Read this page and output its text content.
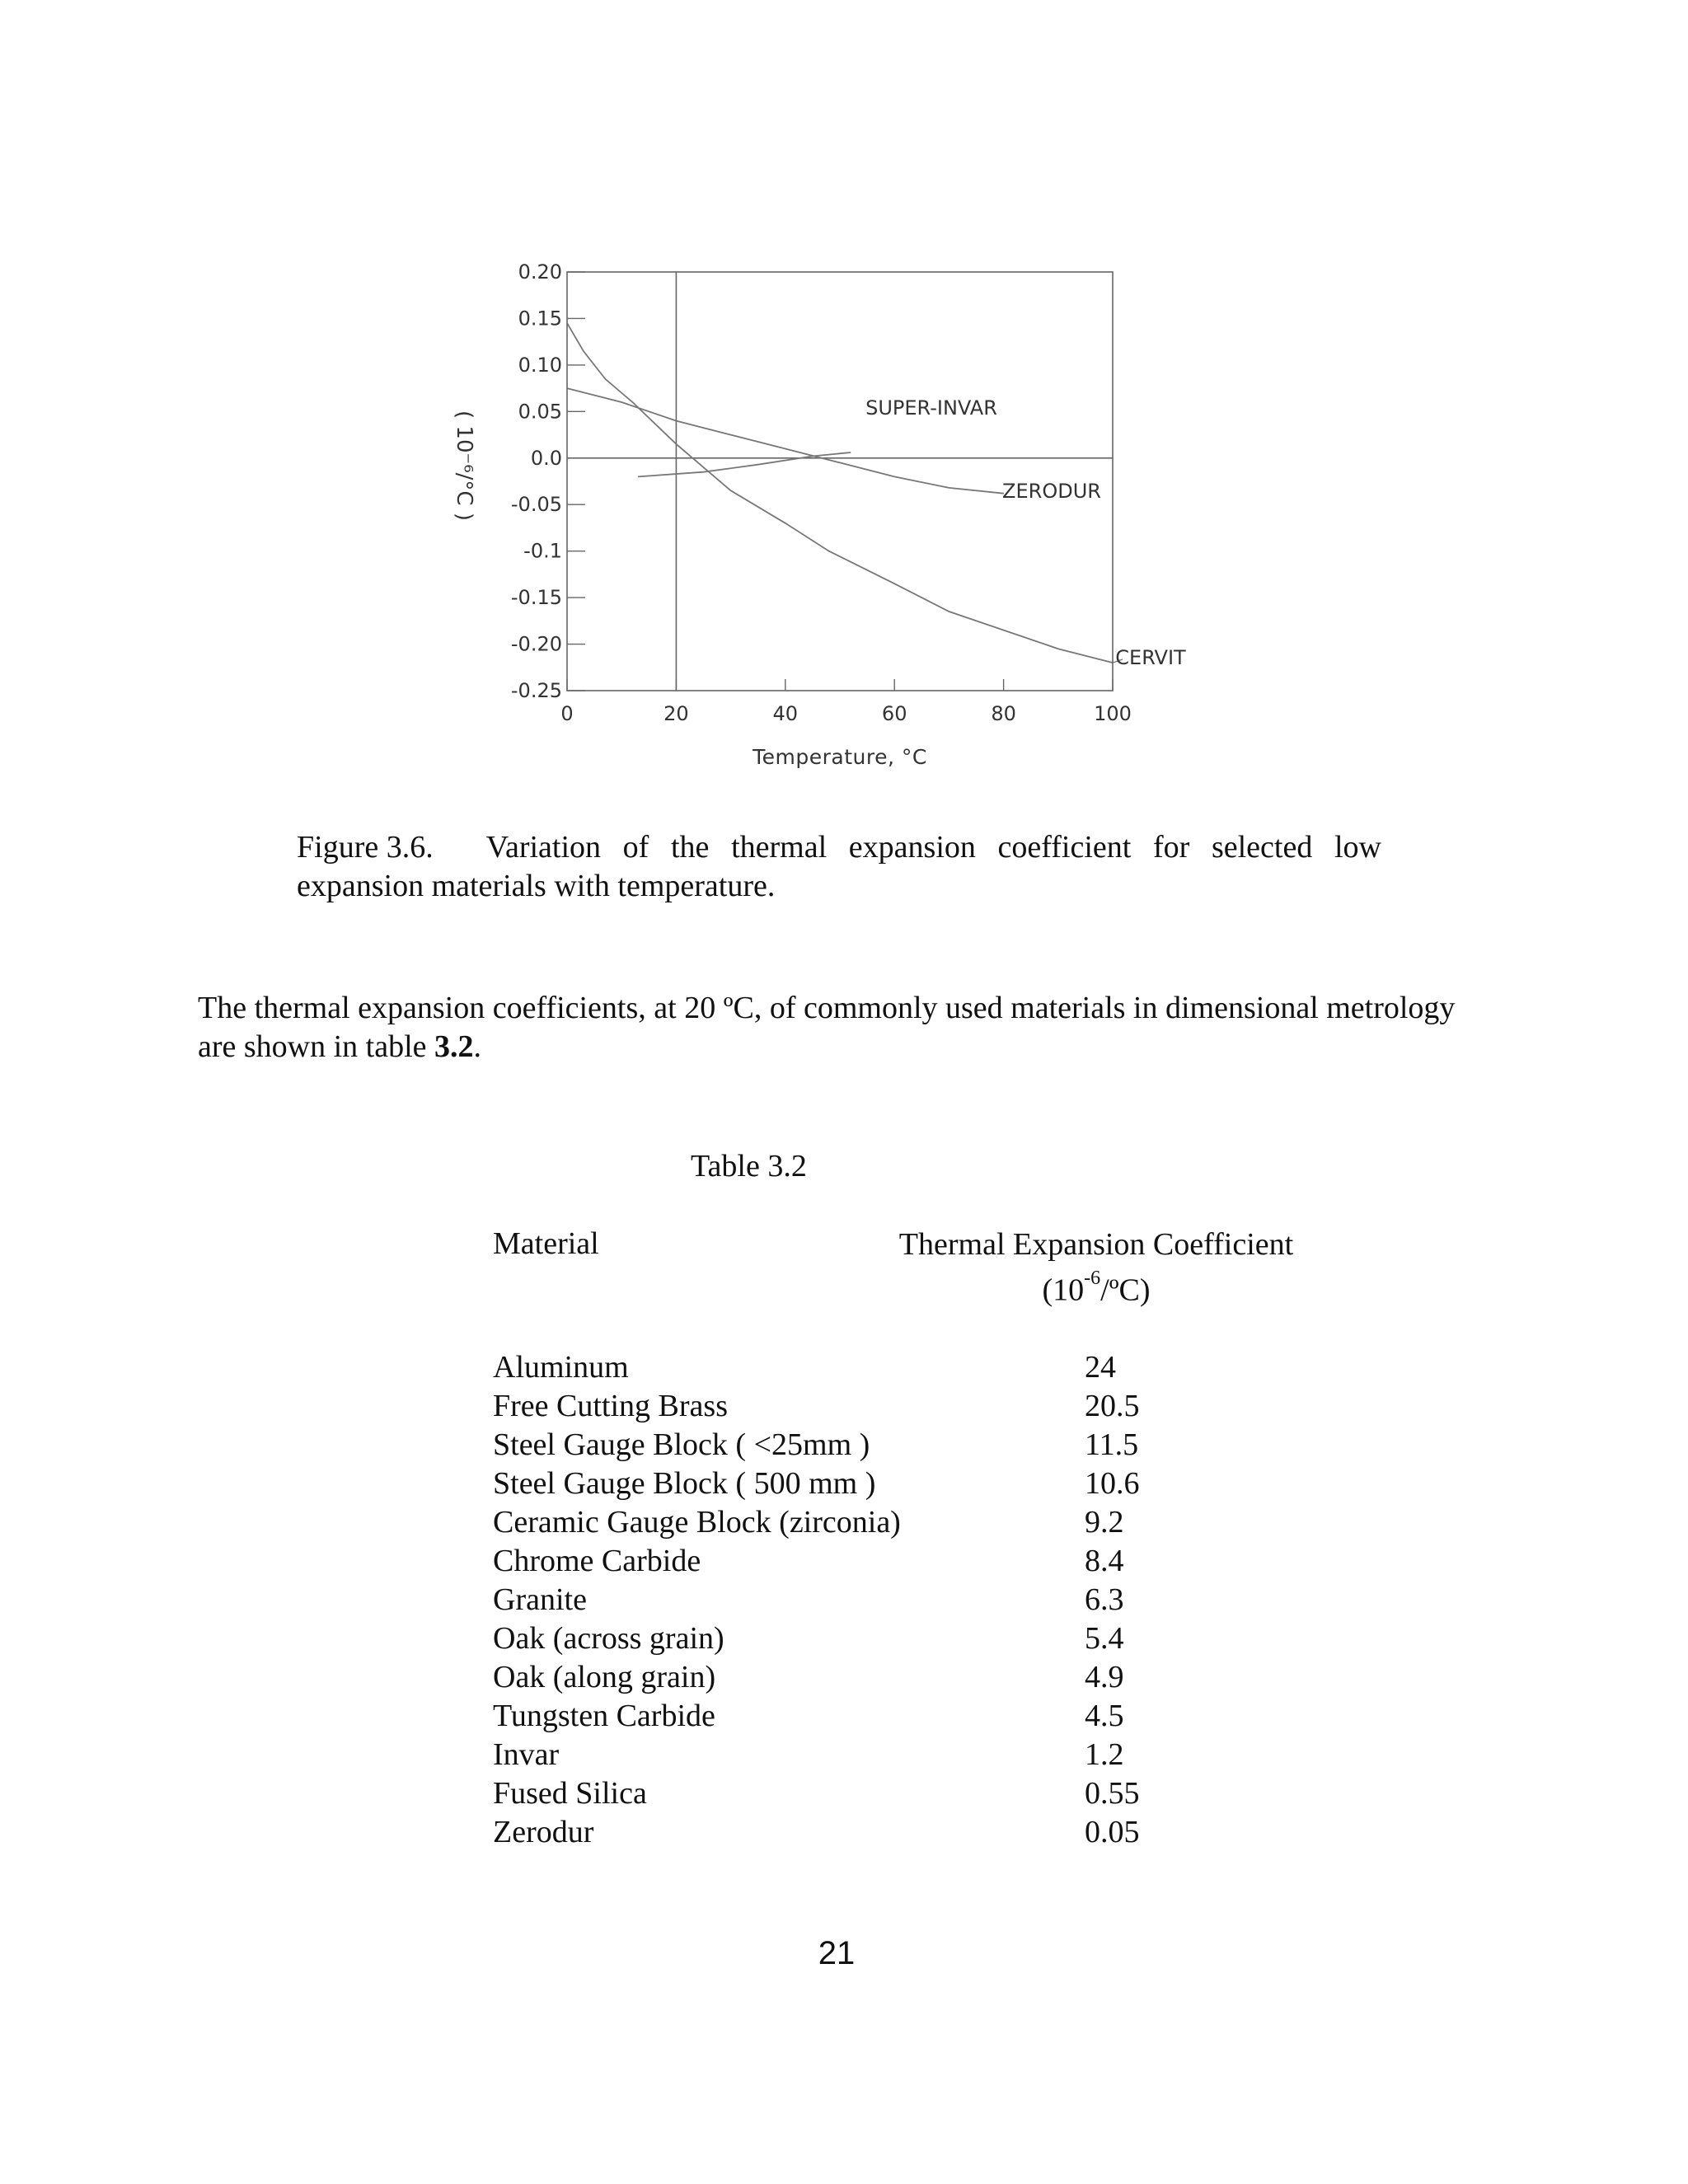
0.20
0.15
0.10
0.05
0.0
-0.05
-0.1
-0.15
-0.20
-0.25
0	20	40	60	80	100
CERVIT
ZERODUR
SUPER-INVAR
Temperature, °C
( 10⁻⁶/°C )
Figure 3.6. Variation of the thermal expansion coefficient for selected low
expansion materials with temperature.
The thermal expansion coefficients, at 20 ºC, of commonly used materials in dimensional metrology are shown in table 3.2.
Table 3.2
Material	Thermal Expansion Coefficient
$(10^{-6}/ºC)$
Aluminum	24
Free Cutting Brass	20.5
Steel Gauge Block ( <25mm )	11.5
Steel Gauge Block ( 500 mm )	10.6
Ceramic Gauge Block (zirconia)	9.2
Chrome Carbide	8.4
Granite	6.3
Oak (across grain)	5.4
Oak (along grain)	4.9
Tungsten Carbide	4.5
Invar	1.2
Fused Silica	0.55
Zerodur	0.05
21
